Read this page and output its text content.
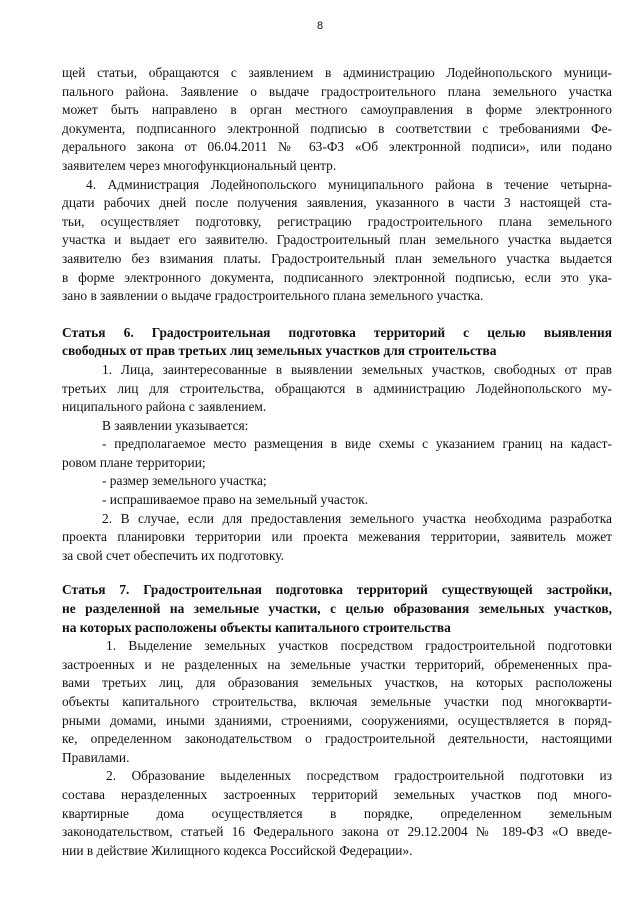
8
щей статьи, обращаются с заявлением в администрацию Лодейнопольского муници-
пального района. Заявление о выдаче градостроительного плана земельного участка
может быть направлено в орган местного самоуправления в форме электронного
документа, подписанного электронной подписью в соответствии с требованиями Фе-
дерального закона от 06.04.2011 № 63-ФЗ «Об электронной подписи», или подано
заявителем через многофункциональный центр.
4. Администрация Лодейнопольского муниципального района в течение четырна-
дцати рабочих дней после получения заявления, указанного в части 3 настоящей ста-
тьи, осуществляет подготовку, регистрацию градостроительного плана земельного
участка и выдает его заявителю. Градостроительный план земельного участка выдается
заявителю без взимания платы. Градостроительный план земельного участка выдается
в форме электронного документа, подписанного электронной подписью, если это ука-
зано в заявлении о выдаче градостроительного плана земельного участка.
Статья 6. Градостроительная подготовка территорий с целью выявления
свободных от прав третьих лиц земельных участков для строительства
1. Лица, заинтересованные в выявлении земельных участков, свободных от прав
третьих лиц для строительства, обращаются в администрацию Лодейнопольского му-
ниципального района с заявлением.
В заявлении указывается:
- предполагаемое место размещения в виде схемы с указанием границ на кадаст-
ровом плане территории;
- размер земельного участка;
- испрашиваемое право на земельный участок.
2. В случае, если для предоставления земельного участка необходима разработка
проекта планировки территории или проекта межевания территории, заявитель может
за свой счет обеспечить их подготовку.
Статья 7. Градостроительная подготовка территорий существующей застройки,
не разделенной на земельные участки, с целью образования земельных участков,
на которых расположены объекты капитального строительства
1. Выделение земельных участков посредством градостроительной подготовки
застроенных и не разделенных на земельные участки территорий, обремененных пра-
вами третьих лиц, для образования земельных участков, на которых расположены
объекты капитального строительства, включая земельные участки под многокварти-
рными домами, иными зданиями, строениями, сооружениями, осуществляется в поряд-
ке, определенном законодательством о градостроительной деятельности, настоящими
Правилами.
2. Образование выделенных посредством градостроительной подготовки из
состава неразделенных застроенных территорий земельных участков под много-
квартирные дома осуществляется в порядке, определенном земельным
законодательством, статьей 16 Федерального закона от 29.12.2004 № 189-ФЗ «О введе-
нии в действие Жилищного кодекса Российской Федерации».
